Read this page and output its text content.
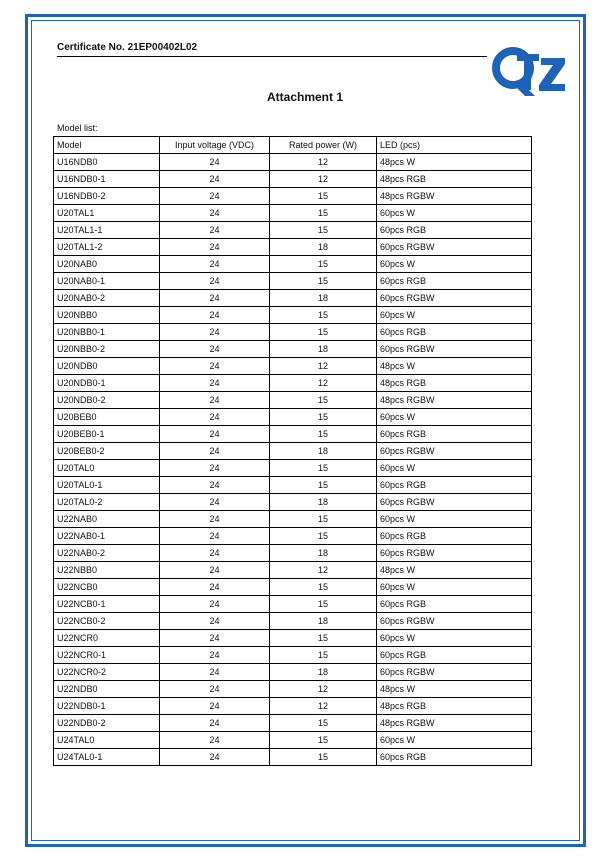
Certificate No. 21EP00402L02
Attachment 1
Model list:
Model	Input voltage (VDC)	Rated power (W)	LED (pcs)
U16NDB0	24	12	48pcs W
U16NDB0-1	24	12	48pcs RGB
U16NDB0-2	24	15	48pcs RGBW
U20TAL1	24	15	60pcs W
U20TAL1-1	24	15	60pcs RGB
U20TAL1-2	24	18	60pcs RGBW
U20NAB0	24	15	60pcs W
U20NAB0-1	24	15	60pcs RGB
U20NAB0-2	24	18	60pcs RGBW
U20NBB0	24	15	60pcs W
U20NBB0-1	24	15	60pcs RGB
U20NBB0-2	24	18	60pcs RGBW
U20NDB0	24	12	48pcs W
U20NDB0-1	24	12	48pcs RGB
U20NDB0-2	24	15	48pcs RGBW
U20BEB0	24	15	60pcs W
U20BEB0-1	24	15	60pcs RGB
U20BEB0-2	24	18	60pcs RGBW
U20TAL0	24	15	60pcs W
U20TAL0-1	24	15	60pcs RGB
U20TAL0-2	24	18	60pcs RGBW
U22NAB0	24	15	60pcs W
U22NAB0-1	24	15	60pcs RGB
U22NAB0-2	24	18	60pcs RGBW
U22NBB0	24	12	48pcs W
U22NCB0	24	15	60pcs W
U22NCB0-1	24	15	60pcs RGB
U22NCB0-2	24	18	60pcs RGBW
U22NCR0	24	15	60pcs W
U22NCR0-1	24	15	60pcs RGB
U22NCR0-2	24	18	60pcs RGBW
U22NDB0	24	12	48pcs W
U22NDB0-1	24	12	48pcs RGB
U22NDB0-2	24	15	48pcs RGBW
U24TAL0	24	15	60pcs W
U24TAL0-1	24	15	60pcs RGB
